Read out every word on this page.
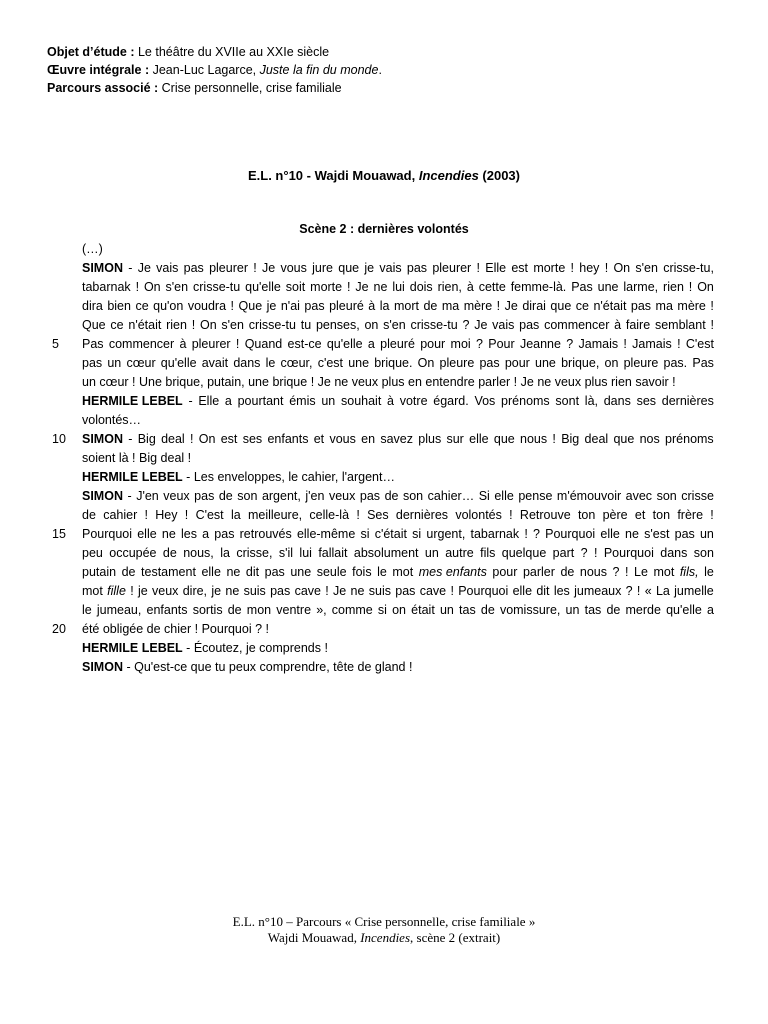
Objet d’étude : Le théâtre du XVIIe au XXIe siècle
Œuvre intégrale : Jean-Luc Lagarce, Juste la fin du monde.
Parcours associé : Crise personnelle, crise familiale
E.L. n°10 - Wajdi Mouawad, Incendies (2003)
Scène 2 : dernières volontés
(…)
SIMON - Je vais pas pleurer ! Je vous jure que je vais pas pleurer ! Elle est morte ! hey ! On s'en crisse-tu,
tabarnak ! On s'en crisse-tu qu'elle soit morte ! Je ne lui dois rien, à cette femme-là. Pas une larme, rien ! On
dira bien ce qu'on voudra ! Que je n'ai pas pleuré à la mort de ma mère ! Je dirai que ce n'était pas ma mère !
Que ce n'était rien ! On s'en crisse-tu tu penses, on s'en crisse-tu ? Je vais pas commencer à faire semblant !
5	Pas commencer à pleurer ! Quand est-ce qu'elle a pleuré pour moi ? Pour Jeanne ? Jamais ! Jamais ! C'est
pas un cœur qu'elle avait dans le cœur, c'est une brique. On pleure pas pour une brique, on pleure pas. Pas
un cœur ! Une brique, putain, une brique ! Je ne veux plus en entendre parler ! Je ne veux plus rien savoir !
HERMILE LEBEL - Elle a pourtant émis un souhait à votre égard. Vos prénoms sont là, dans ses dernières
volontés…
10	SIMON - Big deal ! On est ses enfants et vous en savez plus sur elle que nous ! Big deal que nos prénoms
soient là ! Big deal !
HERMILE LEBEL - Les enveloppes, le cahier, l'argent…
SIMON - J'en veux pas de son argent, j'en veux pas de son cahier… Si elle pense m'émouvoir avec son crisse
de cahier ! Hey ! C'est la meilleure, celle-là ! Ses dernières volontés ! Retrouve ton père et ton frère !
15	Pourquoi elle ne les a pas retrouvés elle-même si c'était si urgent, tabarnak ! ? Pourquoi elle ne s'est pas un
peu occupée de nous, la crisse, s'il lui fallait absolument un autre fils quelque part ? ! Pourquoi dans son
putain de testament elle ne dit pas une seule fois le mot mes enfants pour parler de nous ? ! Le mot fils, le
mot fille ! je veux dire, je ne suis pas cave ! Je ne suis pas cave ! Pourquoi elle dit les jumeaux ? ! « La jumelle
le jumeau, enfants sortis de mon ventre », comme si on était un tas de vomissure, un tas de merde qu'elle a
20	été obligée de chier ! Pourquoi ? !
HERMILE LEBEL - Écoutez, je comprends !
SIMON - Qu'est-ce que tu peux comprendre, tête de gland !
E.L. n°10 – Parcours « Crise personnelle, crise familiale »
Wajdi Mouawad, Incendies, scène 2 (extrait)
